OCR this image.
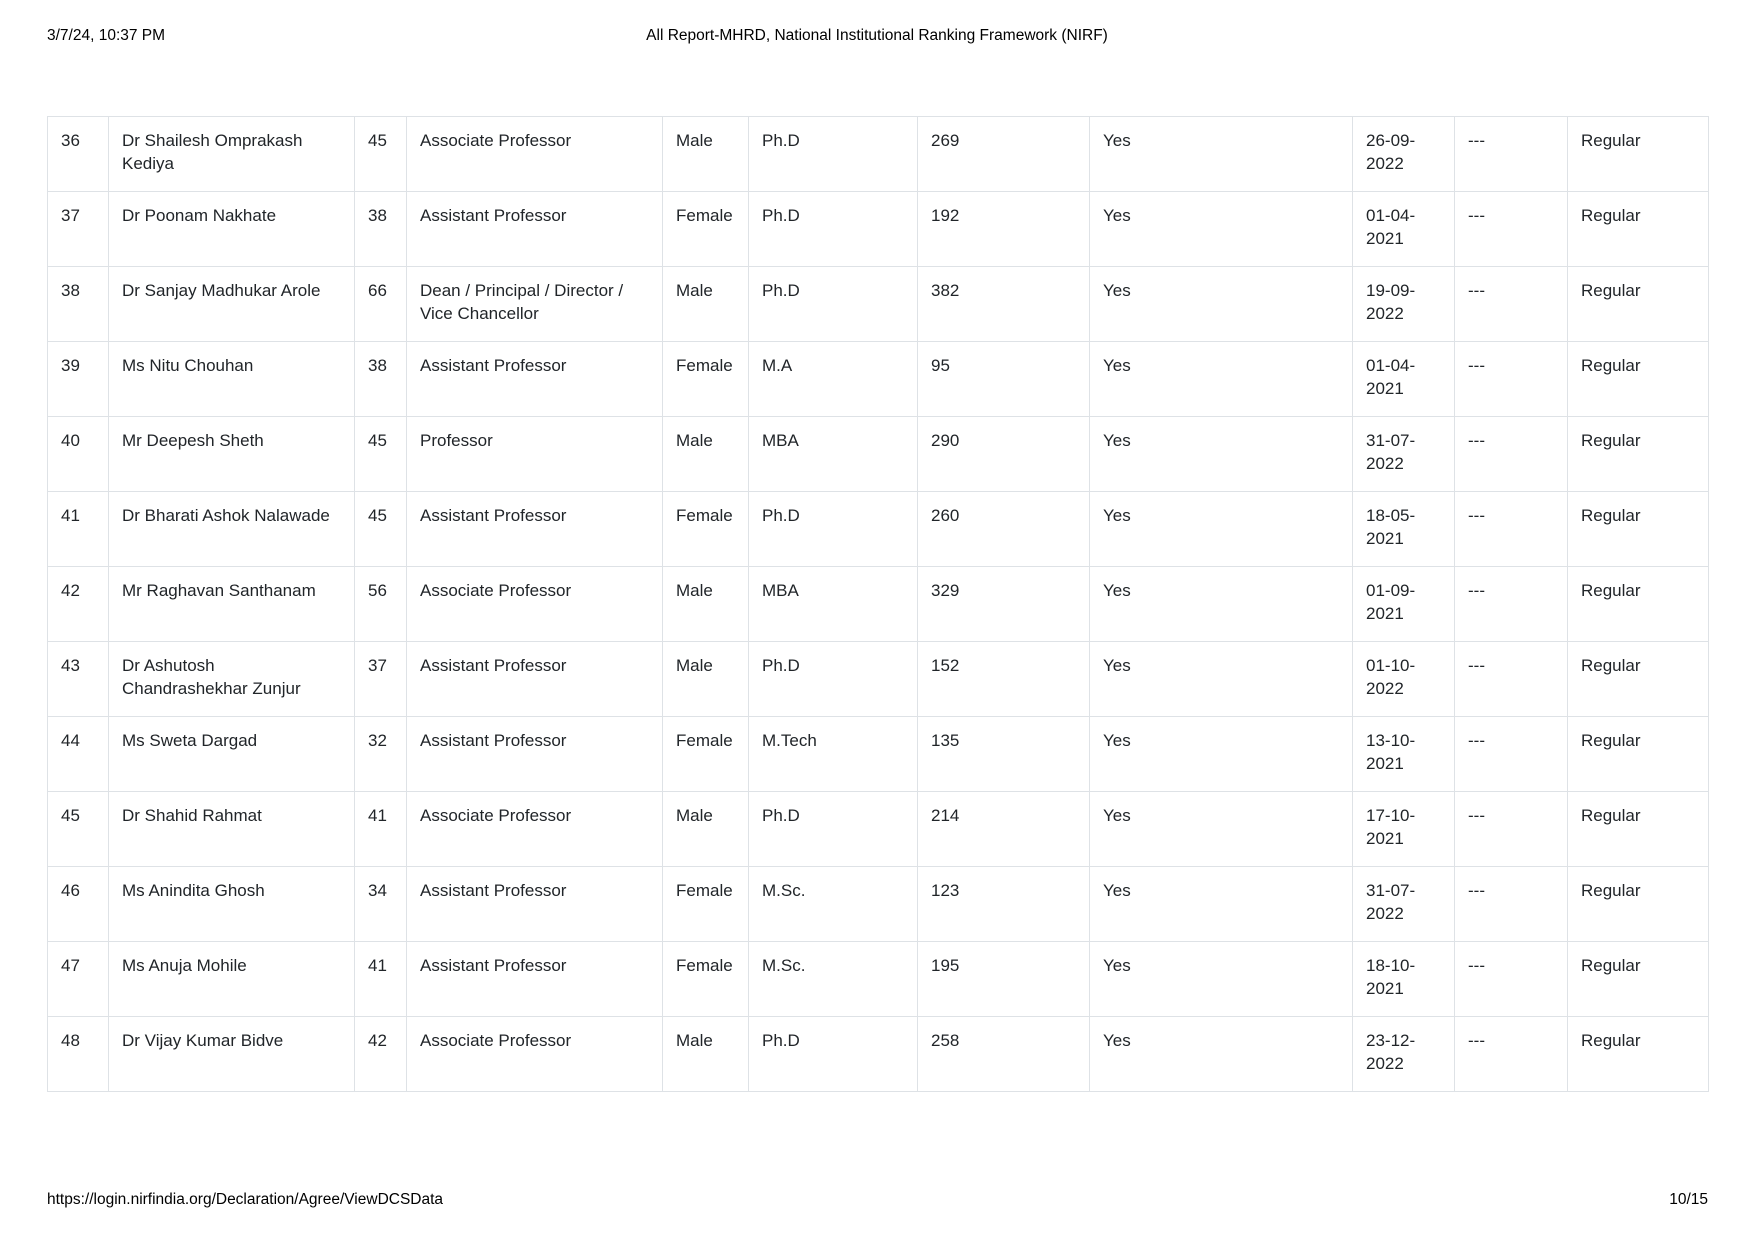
3/7/24, 10:37 PM	All Report-MHRD, National Institutional Ranking Framework (NIRF)
36	Dr Shailesh Omprakash Kediya	45	Associate Professor	Male	Ph.D	269	Yes	26-09-2022	---	Regular
37	Dr Poonam Nakhate	38	Assistant Professor	Female	Ph.D	192	Yes	01-04-2021	---	Regular
38	Dr Sanjay Madhukar Arole	66	Dean / Principal / Director / Vice Chancellor	Male	Ph.D	382	Yes	19-09-2022	---	Regular
39	Ms Nitu Chouhan	38	Assistant Professor	Female	M.A	95	Yes	01-04-2021	---	Regular
40	Mr Deepesh Sheth	45	Professor	Male	MBA	290	Yes	31-07-2022	---	Regular
41	Dr Bharati Ashok Nalawade	45	Assistant Professor	Female	Ph.D	260	Yes	18-05-2021	---	Regular
42	Mr Raghavan Santhanam	56	Associate Professor	Male	MBA	329	Yes	01-09-2021	---	Regular
43	Dr Ashutosh Chandrashekhar Zunjur	37	Assistant Professor	Male	Ph.D	152	Yes	01-10-2022	---	Regular
44	Ms Sweta Dargad	32	Assistant Professor	Female	M.Tech	135	Yes	13-10-2021	---	Regular
45	Dr Shahid Rahmat	41	Associate Professor	Male	Ph.D	214	Yes	17-10-2021	---	Regular
46	Ms Anindita Ghosh	34	Assistant Professor	Female	M.Sc.	123	Yes	31-07-2022	---	Regular
47	Ms Anuja Mohile	41	Assistant Professor	Female	M.Sc.	195	Yes	18-10-2021	---	Regular
48	Dr Vijay Kumar Bidve	42	Associate Professor	Male	Ph.D	258	Yes	23-12-2022	---	Regular
https://login.nirfindia.org/Declaration/Agree/ViewDCSData	10/15
